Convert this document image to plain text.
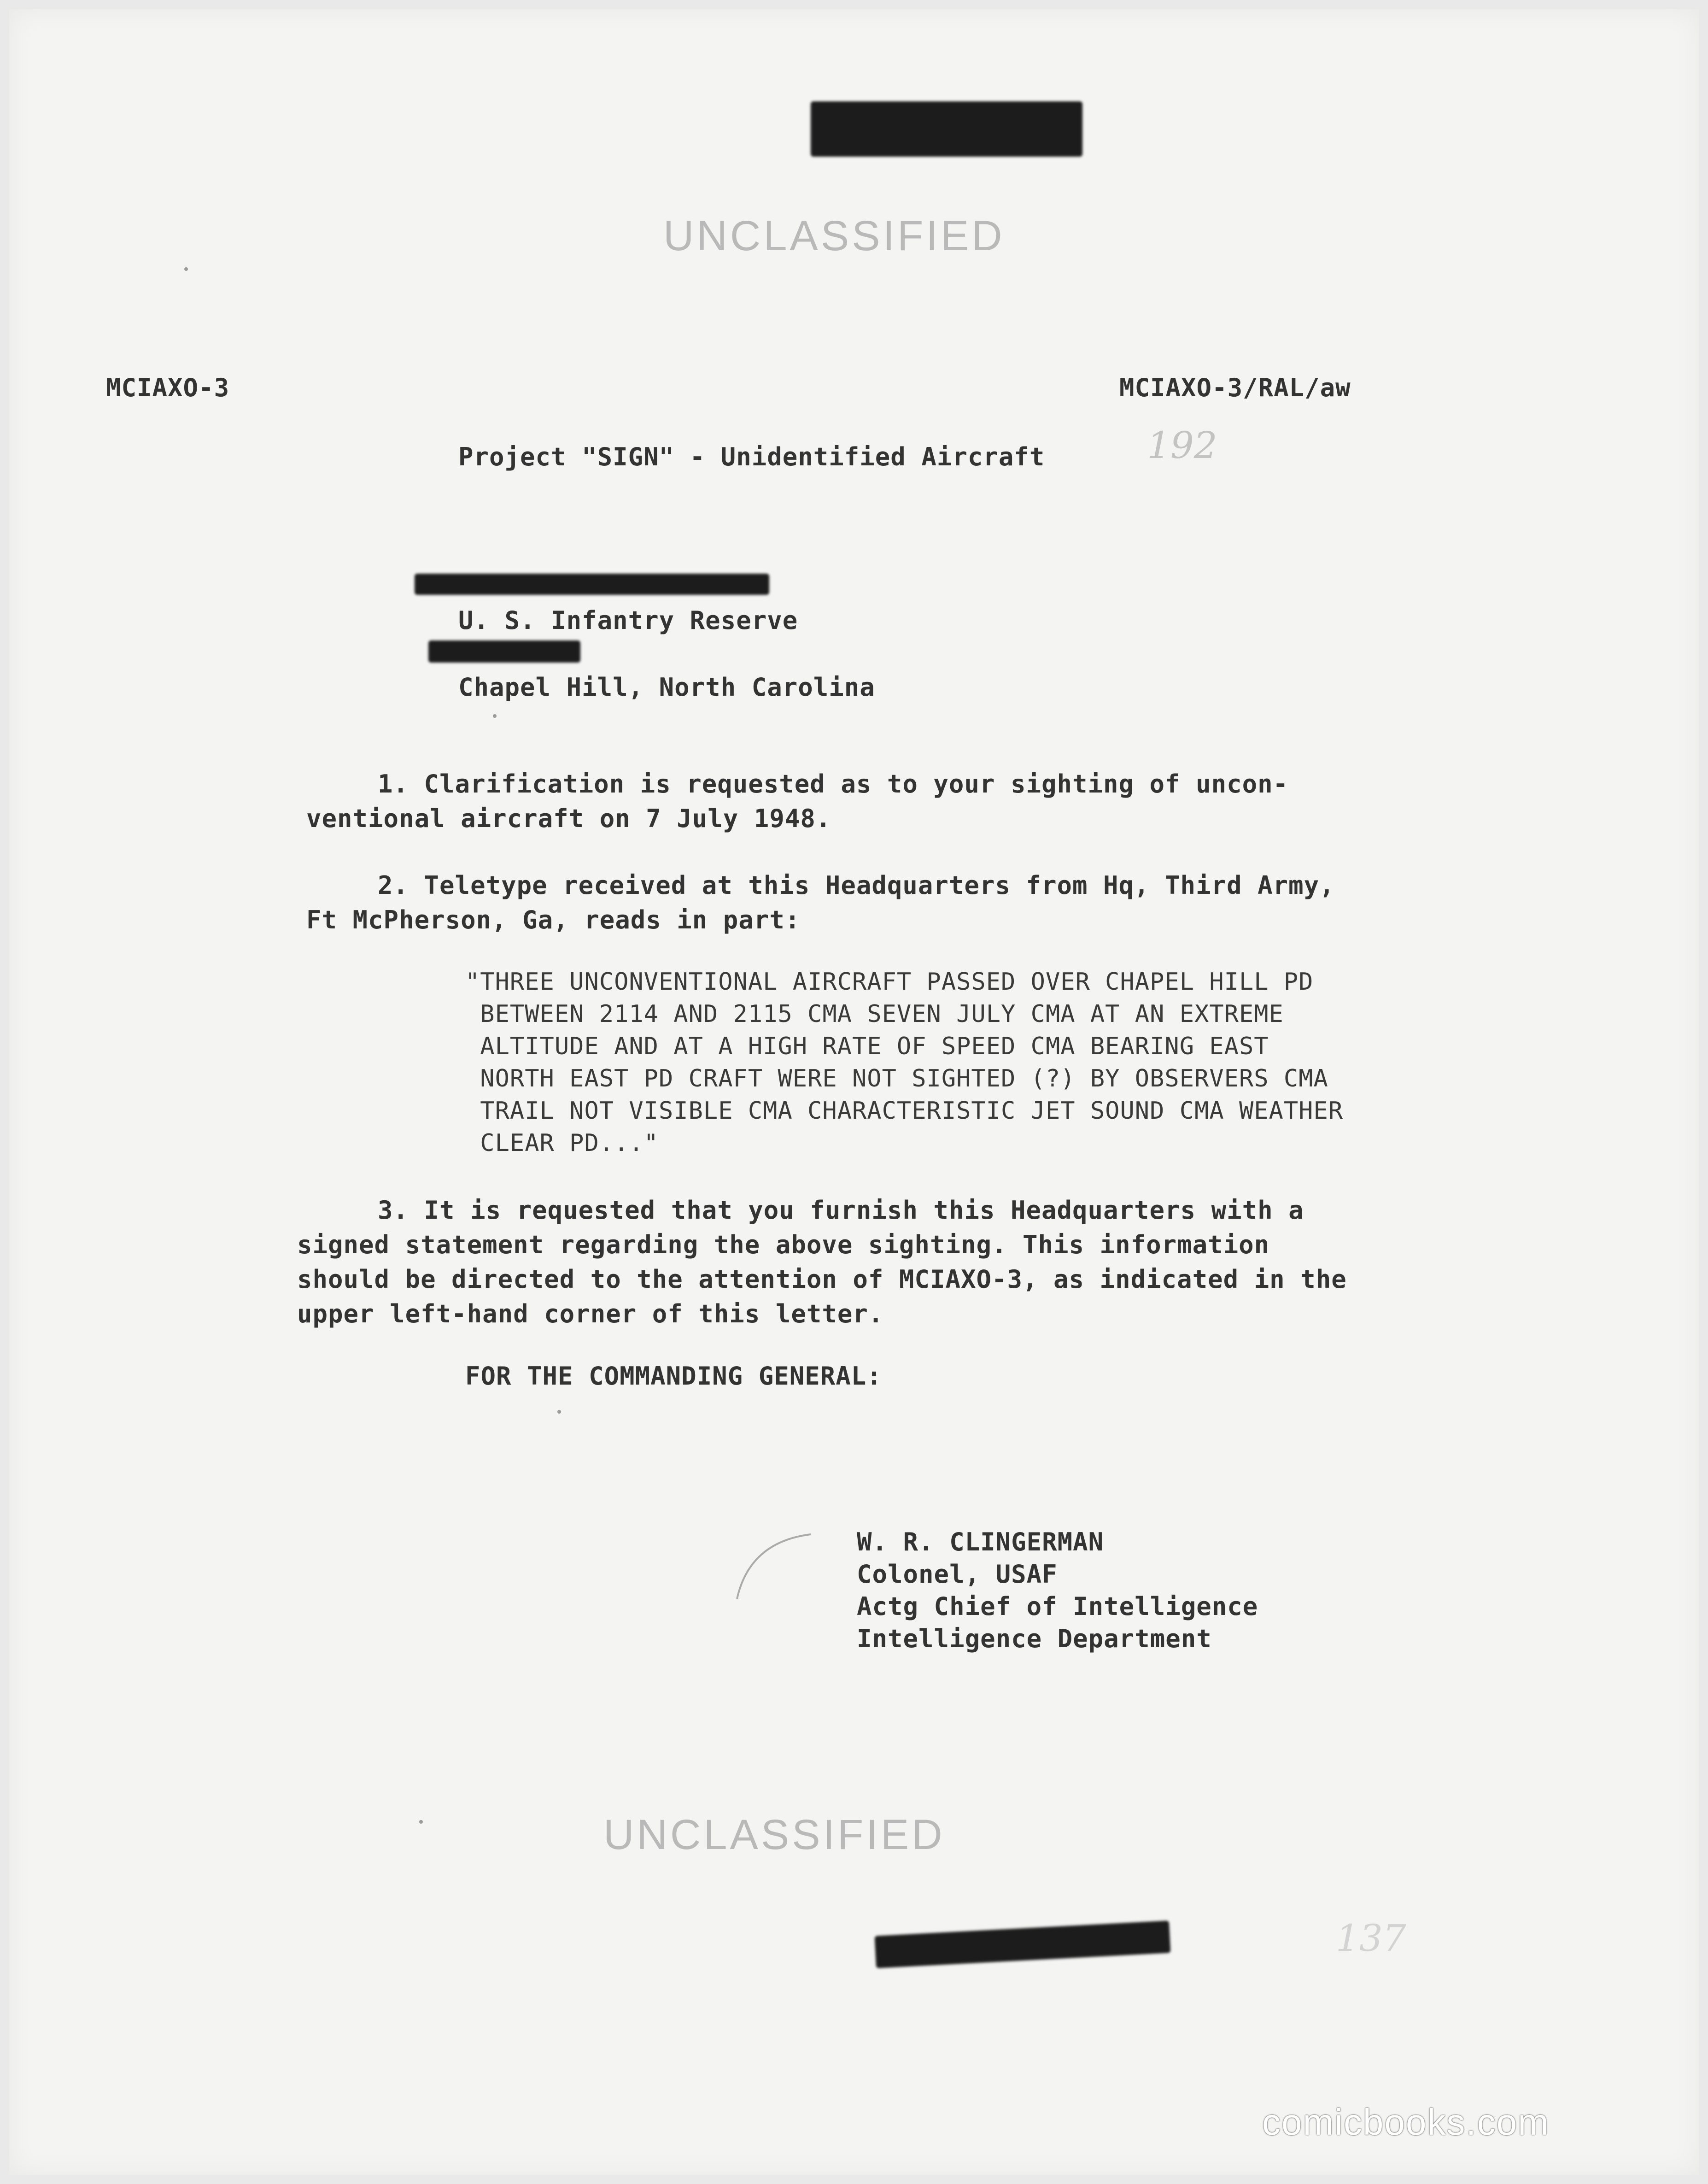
UNCLASSIFIED
MCIAXO-3	MCIAXO-3/RAL/aw
192
Project "SIGN" - Unidentified Aircraft
U. S. Infantry Reserve
Chapel Hill, North Carolina
1. Clarification is requested as to your sighting of uncon-
ventional aircraft on 7 July 1948.
2. Teletype received at this Headquarters from Hq, Third Army,
Ft McPherson, Ga, reads in part:
"THREE UNCONVENTIONAL AIRCRAFT PASSED OVER CHAPEL HILL PD
BETWEEN 2114 AND 2115 CMA SEVEN JULY CMA AT AN EXTREME
ALTITUDE AND AT A HIGH RATE OF SPEED CMA BEARING EAST
NORTH EAST PD CRAFT WERE NOT SIGHTED (?) BY OBSERVERS CMA
TRAIL NOT VISIBLE CMA CHARACTERISTIC JET SOUND CMA WEATHER
CLEAR PD..."
3. It is requested that you furnish this Headquarters with a
signed statement regarding the above sighting. This information
should be directed to the attention of MCIAXO-3, as indicated in the
upper left-hand corner of this letter.
FOR THE COMMANDING GENERAL:
W. R. CLINGERMAN
Colonel, USAF
Actg Chief of Intelligence
Intelligence Department
UNCLASSIFIED
137
comicbooks.com
